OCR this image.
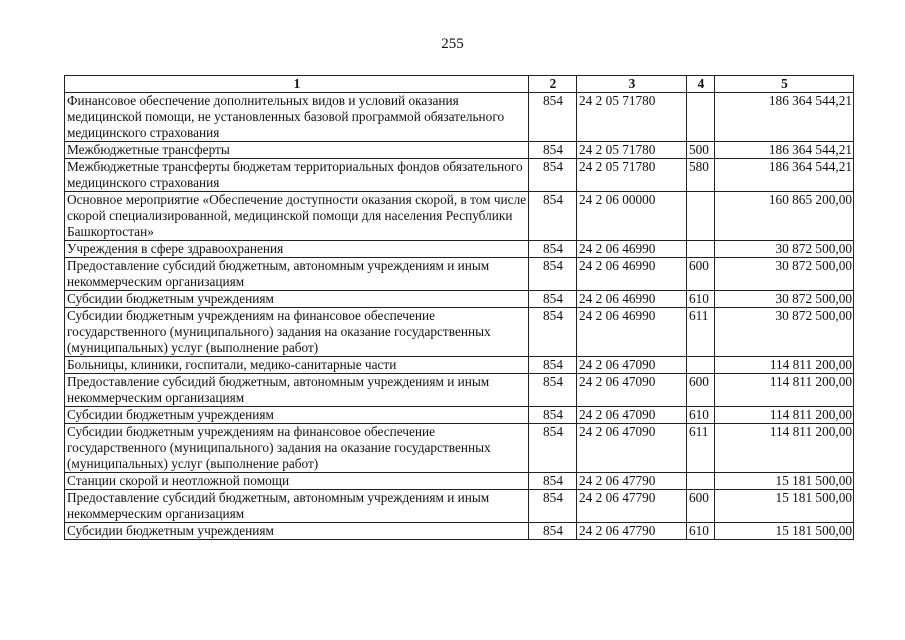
255
1	2	3	4	5
Финансовое обеспечение дополнительных видов и условий оказания медицинской помощи, не установленных базовой программой обязательного медицинского страхования	854	24 2 05 71780		186 364 544,21
Межбюджетные трансферты	854	24 2 05 71780	500	186 364 544,21
Межбюджетные трансферты бюджетам территориальных фондов обязательного медицинского страхования	854	24 2 05 71780	580	186 364 544,21
Основное мероприятие «Обеспечение доступности оказания скорой, в том числе скорой специализированной, медицинской помощи для населения Республики Башкортостан»	854	24 2 06 00000		160 865 200,00
Учреждения в сфере здравоохранения	854	24 2 06 46990		30 872 500,00
Предоставление субсидий бюджетным, автономным учреждениям и иным некоммерческим организациям	854	24 2 06 46990	600	30 872 500,00
Субсидии бюджетным учреждениям	854	24 2 06 46990	610	30 872 500,00
Субсидии бюджетным учреждениям на финансовое обеспечение государственного (муниципального) задания на оказание государственных (муниципальных) услуг (выполнение работ)	854	24 2 06 46990	611	30 872 500,00
Больницы, клиники, госпитали, медико-санитарные части	854	24 2 06 47090		114 811 200,00
Предоставление субсидий бюджетным, автономным учреждениям и иным некоммерческим организациям	854	24 2 06 47090	600	114 811 200,00
Субсидии бюджетным учреждениям	854	24 2 06 47090	610	114 811 200,00
Субсидии бюджетным учреждениям на финансовое обеспечение государственного (муниципального) задания на оказание государственных (муниципальных) услуг (выполнение работ)	854	24 2 06 47090	611	114 811 200,00
Станции скорой и неотложной помощи	854	24 2 06 47790		15 181 500,00
Предоставление субсидий бюджетным, автономным учреждениям и иным некоммерческим организациям	854	24 2 06 47790	600	15 181 500,00
Субсидии бюджетным учреждениям	854	24 2 06 47790	610	15 181 500,00
